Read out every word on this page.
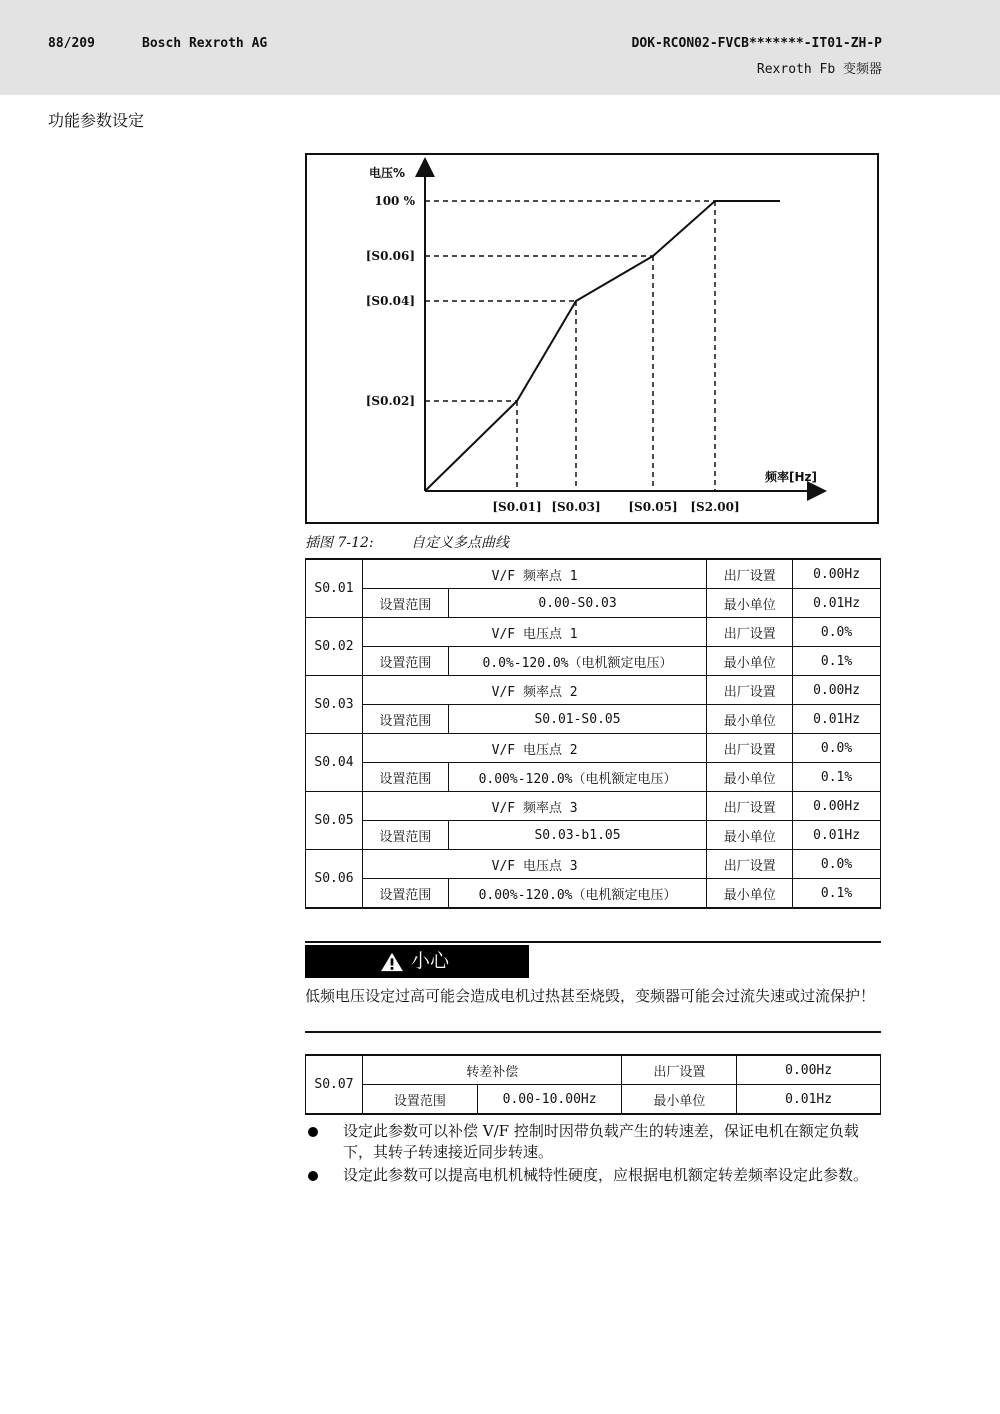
88/209	Bosch Rexroth AG	DOK-RCON02-FVCB*******-IT01-ZH-P
Rexroth Fb 变频器
功能参数设定
电压%
100 %
[S0.06]
[S0.04]
[S0.02]
[S0.01] [S0.03] [S0.05] [S2.00]
频率[Hz]
插图 7-12:	自定义多点曲线
S0.01	V/F 频率点 1		出厂设置	0.00Hz
	设置范围	0.00-S0.03	最小单位	0.01Hz
S0.02	V/F 电压点 1		出厂设置	0.0%
	设置范围	0.0%-120.0%（电机额定电压）	最小单位	0.1%
S0.03	V/F 频率点 2		出厂设置	0.00Hz
	设置范围	S0.01-S0.05	最小单位	0.01Hz
S0.04	V/F 电压点 2		出厂设置	0.0%
	设置范围	0.00%-120.0%（电机额定电压）	最小单位	0.1%
S0.05	V/F 频率点 3		出厂设置	0.00Hz
	设置范围	S0.03-b1.05	最小单位	0.01Hz
S0.06	V/F 电压点 3		出厂设置	0.0%
	设置范围	0.00%-120.0%（电机额定电压）	最小单位	0.1%
小心
低频电压设定过高可能会造成电机过热甚至烧毁，变频器可能会过流失速或过流保护！
S0.07	转差补偿		出厂设置	0.00Hz
	设置范围	0.00-10.00Hz	最小单位	0.01Hz
设定此参数可以补偿 V/F 控制时因带负载产生的转速差，保证电机在额定负载下，其转子转速接近同步转速。
设定此参数可以提高电机机械特性硬度，应根据电机额定转差频率设定此参数。
